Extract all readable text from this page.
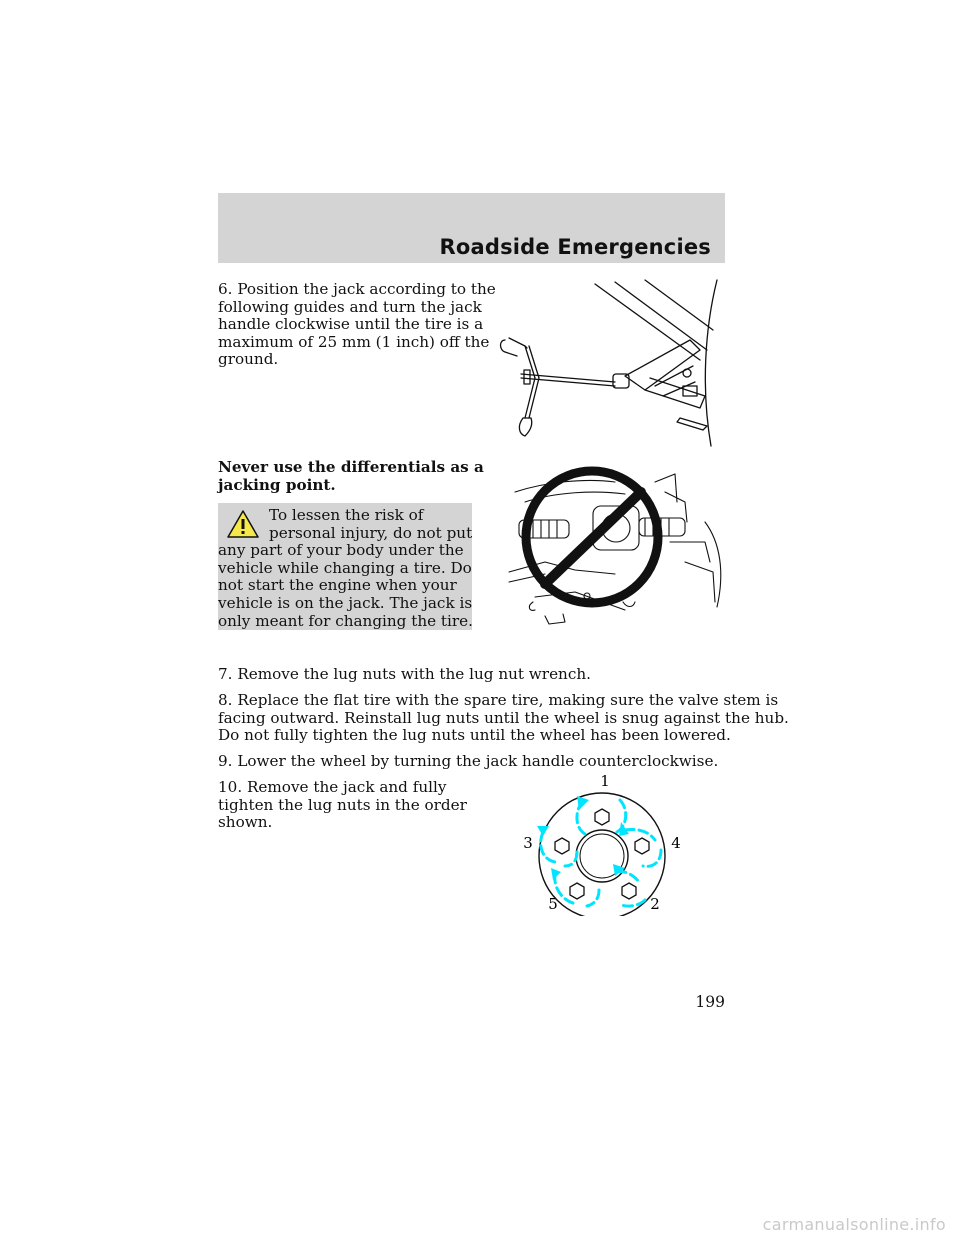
Roadside Emergencies

6. Position the jack according to the
following guides and turn the jack
handle clockwise until the tire is a
maximum of 25 mm (1 inch) off the
ground.

Never use the differentials as a
jacking point.

To lessen the risk of
personal injury, do not put
any part of your body under the
vehicle while changing a tire. Do
not start the engine when your
vehicle is on the jack. The jack is
only meant for changing the tire.

7. Remove the lug nuts with the lug nut wrench.

8. Replace the flat tire with the spare tire, making sure the valve stem is
facing outward. Reinstall lug nuts until the wheel is snug against the hub.
Do not fully tighten the lug nuts until the wheel has been lowered.

9. Lower the wheel by turning the jack handle counterclockwise.

10. Remove the jack and fully
tighten the lug nuts in the order
shown.

1
3	4
5	2
199
carmanualsonline.info
